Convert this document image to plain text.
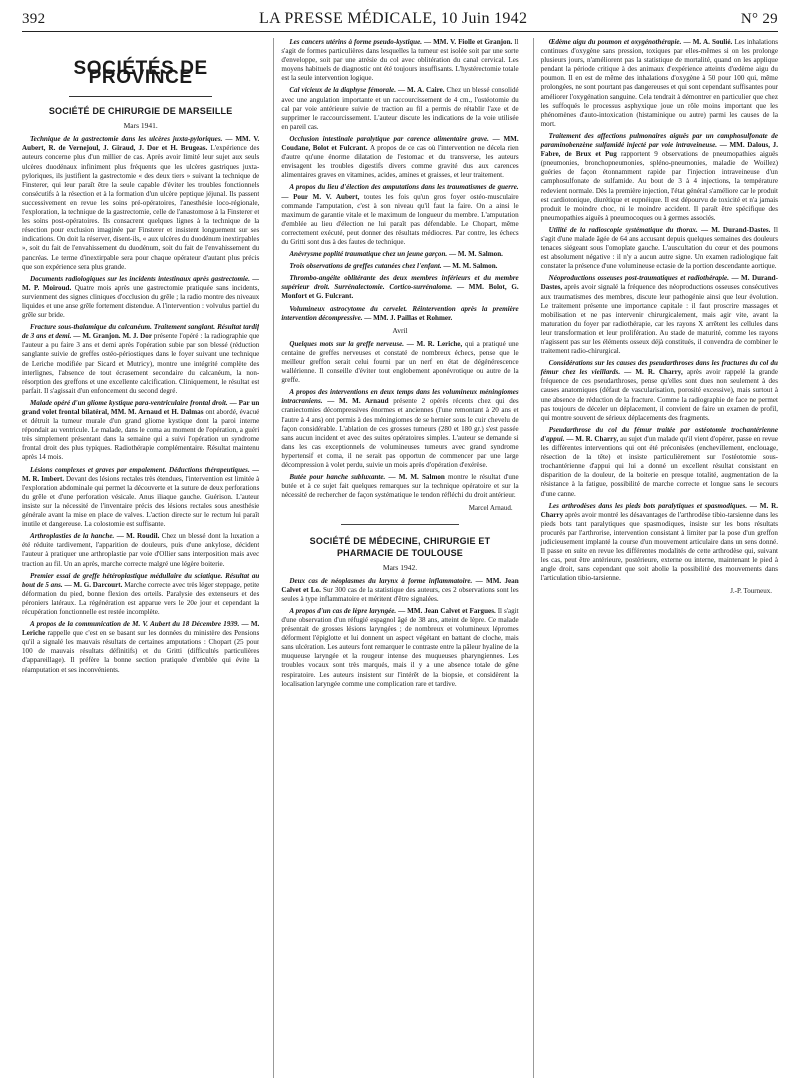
392	LA PRESSE MÉDICALE, 10 Juin 1942	N° 29
SOCIÉTÉS DE PROVINCE
SOCIÉTÉ DE CHIRURGIE DE MARSEILLE
Mars 1941.

Technique de la gastrectomie dans les ulcères juxta-pyloriques. — MM. V. Aubert, R. de Vernejoul, J. Giraud, J. Dor et H. Brugeas. L'expérience des auteurs concerne plus d'un millier de cas. Après avoir limité leur sujet aux seuls ulcères duodénaux infiniment plus fréquents que les ulcères gastriques juxta-pyloriques, ils justifient la gastrectomie « des deux tiers » suivant la technique de Finsterer, qui leur paraît être la seule capable d'éviter les troubles fonctionnels consécutifs à la résection et à la formation d'un ulcère peptique jéjunal. Ils passent successivement en revue les soins pré-opératoires, l'anesthésie loco-régionale, l'exploration, la technique de la gastrectomie, celle de l'anastomose à la Finsterer et les soins post-opératoires. Ils consacrent quelques lignes à la technique de la résection pour exclusion imaginée par Finsterer et insistent longuement sur ses indications. On doit la réserver, disent-ils, « aux ulcères du duodénum inextirpables », soit du fait de l'envahissement du duodénum, soit du fait de l'envahissement du pancréas. Le terme d'inextirpable sera pour chaque opérateur d'autant plus précis que son expérience sera plus grande.

Documents radiologiques sur les incidents intestinaux après gastrectomie. — M. P. Moiroud. Quatre mois après une gastrectomie pratiquée sans incidents, survienment des signes cliniques d'occlusion du grêle ; la radio montre des niveaux liquides et une anse grêle fortement distendue. A l'intervention : volvulus partiel du grêle sur bride.

Fracture sous-thalamique du calcanéum. Traitement sanglant. Résultat tardif de 3 ans et demi. — M. Granjon. M. J. Dor présente l'opéré : la radiographie que l'auteur a pu faire 3 ans et demi après l'opération subie par son blessé (réduction sanglante suivie de greffes ostéo-périostiques dans le foyer suivant une technique de Leriche modifiée par Sicard et Mutricy), montre une intégrité complète des interlignes, l'absence de tout écrasement secondaire du calcanéum, la non-résorption des greffons et une excellente calcification. Cliniquement, le résultat est parfait. Il s'agissait d'un enfoncement du second degré.

Malade opéré d'un gliome kystique para-ventriculaire frontal droit. — Par un grand volet frontal bilatéral, MM. M. Arnaud et H. Dalmas ont abordé, évacué et détruit la tumeur murale d'un grand gliome kystique dont la paroi interne répondait au ventricule. Le malade, dans le coma au moment de l'opération, a guéri très simplement présentant dans la semaine qui a suivi l'opération un syndrome frontal droit des plus typiques. Radiothérapie complémentaire. Résultat maintenu après 14 mois.

Lésions complexes et graves par empalement. Déductions thérapeutiques. — M. R. Imbert. Devant des lésions rectales très étendues, l'intervention est limitée à l'exploration abdominale qui permet la découverte et la suture de deux perforations du grêle et d'une perforation vésicale. Anus iliaque gauche. Guérison. L'auteur insiste sur la nécessité de l'inventaire précis des lésions rectales sous anesthésie générale avant la mise en place de valves. L'action directe sur le rectum lui paraît inutile et dangereuse. La colostomie est suffisante.

Arthroplasties de la hanche. — M. Roudil. Chez un blessé dont la luxation a été réduite tardivement, l'apparition de douleurs, puis d'une ankylose, décident l'auteur à pratiquer une arthroplastie par voie d'Ollier sans interposition mais avec traction au fil. Un an après, marche correcte malgré une légère boiterie.

Premier essai de greffe hétéroplastique médullaire du sciatique. Résultat au bout de 5 ans. — M. G. Darcourt. Marche correcte avec très léger steppage, petite déformation du pied, bonne flexion des orteils. Paralysie des extenseurs et des péroniers latéraux. La régénération est apparue vers le 20e jour et cependant la récupération fonctionnelle est restée incomplète.

A propos de la communication de M. V. Aubert du 18 Décembre 1939. — M. Leriche rappelle que c'est en se basant sur les données du ministère des Pensions qu'il a signalé les mauvais résultats de certaines amputations : Chopart (25 pour 100 de mauvais résultats définitifs) et du Gritti (difficultés particulières d'appareillage). Il préfère la bonne section pratiquée d'emblée qui évite la réamputation et ses inconvénients.

Les cancers utérins à forme pseudo-kystique. — MM. V. Fiolle et Granjon. Il s'agit de formes particulières dans lesquelles la tumeur est isolée soit par une sorte d'enveloppe, soit par une atrésie du col avec oblitération du canal cervical. Les moyens habituels de diagnostic ont été toujours insuffisants. L'hystérectomie totale est la seule intervention logique.

Cal vicieux de la diaphyse fémorale. — M. A. Caire. Chez un blessé consolidé avec une angulation importante et un raccourcissement de 4 cm., l'ostéotomie du cal par voie antérieure suivie de traction au fil a permis de rétablir l'axe et de supprimer le raccourcissement. L'auteur discute les indications de la voie utilisée en pareil cas.

Occlusion intestinale paralytique par carence alimentaire grave. — MM. Coudane, Bolot et Fulcrant. A propos de ce cas où l'intervention ne décela rien d'autre qu'une énorme dilatation de l'estomac et du transverse, les auteurs envisagent les troubles digestifs divers comme gravité dus aux carences alimentaires graves en vitamines, acides, amines et graisses, et leur traitement.

A propos du lieu d'élection des amputations dans les traumatismes de guerre. — Pour M. V. Aubert, toutes les fois qu'un gros foyer ostéo-musculaire commande l'amputation, c'est à son niveau qu'il faut la faire. On a ainsi le maximum de garantie vitale et le maximum de longueur du membre. L'amputation d'emblée au lieu d'élection ne lui paraît pas défendable. Le Chopart, même correctement exécuté, peut donner des résultats médiocres. Par contre, les échecs du Gritti sont dus à des fautes de technique.

Anévrysme poplité traumatique chez un jeune garçon. — M. M. Salmon.

Trois observations de greffes cutanées chez l'enfant. — M. M. Salmon.

Thrombo-angéite oblitérante des deux membres inférieurs et du membre supérieur droit. Surrénalectomie. Cortico-surrénalome. — MM. Bolot, G. Monfort et G. Fulcrant.

Volumineux astrocytome du cervelet. Réintervention après la première intervention décompressive. — MM. J. Paillas et Rohmer.

Avril

Quelques mots sur la greffe nerveuse. — M. R. Leriche, qui a pratiqué une centaine de greffes nerveuses et constaté de nombreux échecs, pense que le meilleur greffon serait celui fourni par un nerf en état de dégénérescence wallérienne. Il conseille d'éviter tout englobement aponévrotique ou autre de la greffe.

A propos des interventions en deux temps dans les volumineux méningiomes intracraniens. — M. M. Arnaud présente 2 opérés récents chez qui des craniectomies décompressives énormes et anciennes (l'une remontant à 20 ans et l'autre à 4 ans) ont permis à des méningiomes de se hernier sous le cuir chevelu de façon considérable. L'ablation de ces grosses tumeurs (280 et 180 gr.) s'est passée sans aucun incident et avec des suites opératoires simples. L'auteur se demande si dans les cas exceptionnels de volumineuses tumeurs avec grand syndrome hypertensif et coma, il ne serait pas opportun de commencer par une large décompression à volet perdu, suivie un mois après d'opération d'exérèse.

Butée pour hanche subluxante. — M. M. Salmon montre le résultat d'une butée et à ce sujet fait quelques remarques sur la technique opératoire et sur la nécessité de rechercher de façon systématique le tendon réfléchi du droit antérieur.

Marcel Arnaud.
SOCIÉTÉ DE MÉDECINE, CHIRURGIE ET PHARMACIE DE TOULOUSE
Mars 1942.

Deux cas de néoplasmes du larynx à forme inflammatoire. — MM. Jean Calvet et Lo. Sur 300 cas de la statistique des auteurs, ces 2 observations sont les seules à type inflammatoire et méritent d'être signalées.

A propos d'un cas de lèpre laryngée. — MM. Jean Calvet et Fargues. Il s'agit d'une observation d'un réfugié espagnol âgé de 38 ans, atteint de lèpre. Ce malade présentait de grosses lésions laryngées ; de nombreux et volumineux lépromes déforment l'épiglotte et lui donnent un aspect végétant en battant de cloche, mais sans ulcération. Les auteurs font remarquer le contraste entre la pâleur hyaline de la muqueuse laryngée et la rougeur intense des muqueuses pharyngiennes. Les troubles vocaux sont très marqués, mais il y a une absence totale de gêne respiratoire. Les auteurs insistent sur l'intérêt de la biopsie, et considèrent la localisation laryngée comme une complication rare et tardive.

Œdème aigu du poumon et oxygénothérapie. — M. A. Soulié. Les inhalations continues d'oxygène sans pression, toxiques par elles-mêmes si on les prolonge plusieurs jours, n'améliorent pas la statistique de mortalité, quand on les applique pendant la période critique à des animaux d'expérience atteints d'œdème aigu du poumon. Il en est de même des inhalations d'oxygène à 50 pour 100 qui, même prolongées, ne sont pourtant pas dangereuses et qui sont cependant suffisantes pour améliorer l'oxygénation sanguine. Cela tendrait à démontrer en particulier que chez les suffoqués le processus asphyxique joue un rôle moins important que les phénomènes d'auto-intoxication (histaminique ou autre) parmi les causes de la mort.

Traitement des affections pulmonaires aiguës par un camphosulfonate de paraminobenzène sulfamidé injecté par voie intraveineuse. — MM. Dalous, J. Fabre, de Brux et Pug rapportent 9 observations de pneumopathies aiguës (pneumonies, bronchopneumonies, spléno-pneumonies, maladie de Woillez) guéries de façon étonnamment rapide par l'injection intraveineuse d'un camphosulfonate de sulfamide. Au bout de 3 à 4 injections, la température redevient normale. Dès la première injection, l'état général s'améliore car le produit est cardiotonique, diurétique et eupnéique. Il est dépourvu de toxicité et n'a jamais produit le moindre choc, ni le moindre accident. Il paraît être spécifique des pneumopathies aiguës à pneumocoques ou à germes associés.

Utilité de la radioscopie systématique du thorax. — M. Durand-Dastes. Il s'agit d'une malade âgée de 64 ans accusant depuis quelques semaines des douleurs tenaces siégeant sous l'omoplate gauche. L'auscultation du cœur et des poumons est absolument négative : il n'y a aucun autre signe. Un examen radiologique fait constater la présence d'une volumineuse ectasie de la portion descendante aortique.

Néoproductions osseuses post-traumatiques et radiothérapie. — M. Durand-Dastes, après avoir signalé la fréquence des néoproductions osseuses consécutives aux traumatismes des membres, discute leur pathogénie ainsi que leur évolution. Le traitement présente une importance capitale : il faut proscrire massages et mobilisation et ne pas intervenir chirurgicalement, mais agir vite, avant la maturation du foyer par radiothérapie, car les rayons X arrêtent les cellules dans leur transformation et leur prolifération. Au stade de maturité, comme les rayons n'agissent pas sur les éléments osseux déjà constitués, il convendra de combiner le traitement radio-chirurgical.

Considérations sur les causes des pseudarthroses dans les fractures du col du fémur chez les vieillards. — M. R. Charry, après avoir rappelé la grande fréquence de ces pseudarthroses, pense qu'elles sont dues non seulement à des causes anatomiques (défaut de vascularisation, porosité excessive), mais surtout à une absence de réduction de la fracture. Comme la radiographie de face ne permet pas toujours de déceler un déplacement, il convient de faire un examen de profil, qui montre souvent de sérieux déplacements des fragments.

Pseudarthrose du col du fémur traitée par ostéotomie trochantérienne d'appui. — M. R. Charry, au sujet d'un malade qu'il vient d'opérer, passe en revue les différentes interventions qui ont été préconisées (enchevillement, enclouage, résection de la tête) et insiste particulièrement sur l'ostéotomie sous-trochantérienne d'appui qui lui a donné un excellent résultat consistant en disparition de la douleur, de la boiterie en presque totalité, augmentation de la résistance à la fatigue, possibilité de marche correcte et longue sans le secours d'une canne.

Les arthrodèses dans les pieds bots paralytiques et spasmodiques. — M. R. Charry après avoir montré les désavantages de l'arthrodèse tibio-tarsienne dans les pieds bots tant paralytiques que spasmodiques, insiste sur les bons résultats procurés par l'arthrorise, intervention consistant à limiter par la pose d'un greffon judicieusement implanté la course d'un mouvement articulaire dans un sens donné. Il passe en suite en revue les différentes modalités de cette arthrodèse qui, suivant les cas, peut être antérieure, postérieure, externe ou interne, maintenant le pied à angle droit, sans cependant que soit abolie la possibilité des mouvements dans l'articulation tibio-tarsienne.

J.-P. Tourneux.
